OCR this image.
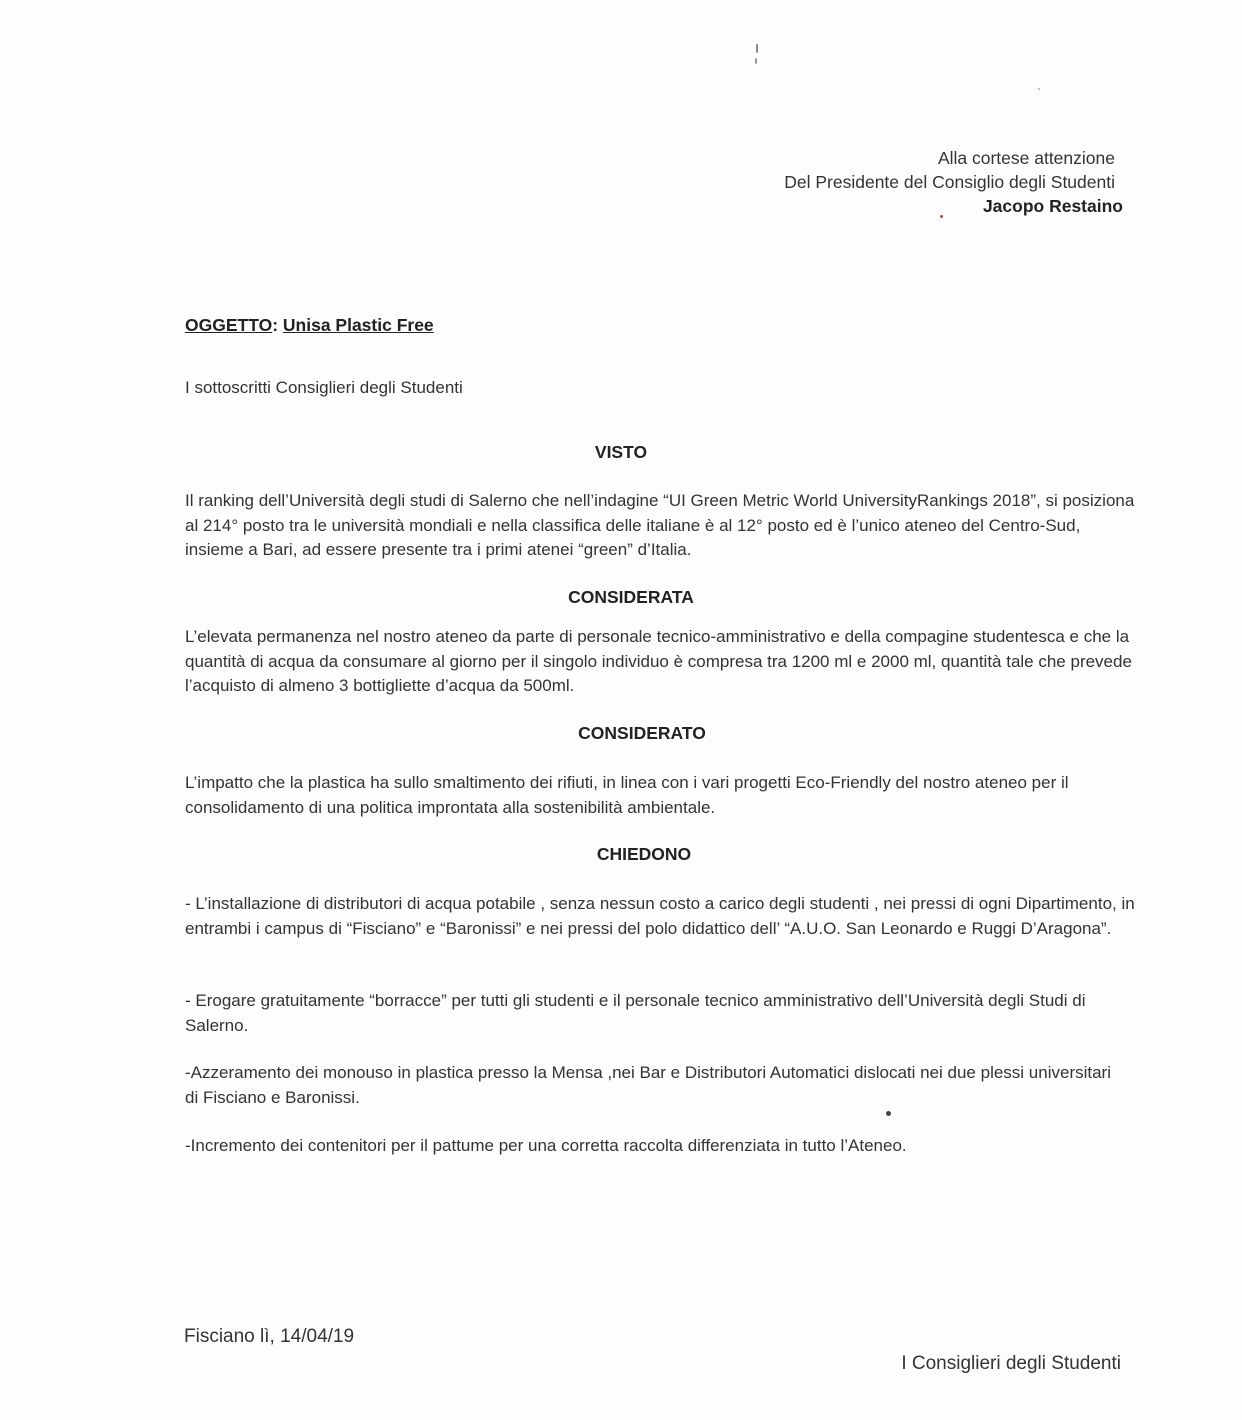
Alla cortese attenzione
Del Presidente del Consiglio degli Studenti
Jacopo Restaino
OGGETTO: Unisa Plastic Free
I sottoscritti Consiglieri degli Studenti
VISTO
Il ranking dell’Università degli studi di Salerno che nell’indagine “UI Green Metric World UniversityRankings 2018”, si posiziona al 214° posto tra le università mondiali e nella classifica delle italiane è al 12° posto ed è l’unico ateneo del Centro-Sud, insieme a Bari, ad essere presente tra i primi atenei “green” d’Italia.
CONSIDERATA
L’elevata permanenza nel nostro ateneo da parte di personale tecnico-amministrativo e della compagine studentesca e che la quantità di acqua da consumare al giorno per il singolo individuo è compresa tra 1200 ml e 2000 ml, quantità tale che prevede l’acquisto di almeno 3 bottigliette d’acqua da 500ml.
CONSIDERATO
L’impatto che la plastica ha sullo smaltimento dei rifiuti, in linea con i vari progetti Eco-Friendly del nostro ateneo per il consolidamento di una politica improntata alla sostenibilità ambientale.
CHIEDONO
- L’installazione di distributori di acqua potabile , senza nessun costo a carico degli studenti , nei pressi di ogni Dipartimento, in entrambi i campus di “Fisciano” e “Baronissi” e nei pressi del polo didattico dell’ “A.U.O. San Leonardo e Ruggi D’Aragona”.
- Erogare gratuitamente “borracce” per tutti gli studenti e il personale tecnico amministrativo dell’Università degli Studi di Salerno.
-Azzeramento dei monouso in plastica presso la Mensa ,nei Bar e Distributori Automatici dislocati nei due plessi universitari di Fisciano e Baronissi.
-Incremento dei contenitori per il pattume per una corretta raccolta differenziata in tutto l’Ateneo.
Fisciano lì, 14/04/19
I Consiglieri degli Studenti
